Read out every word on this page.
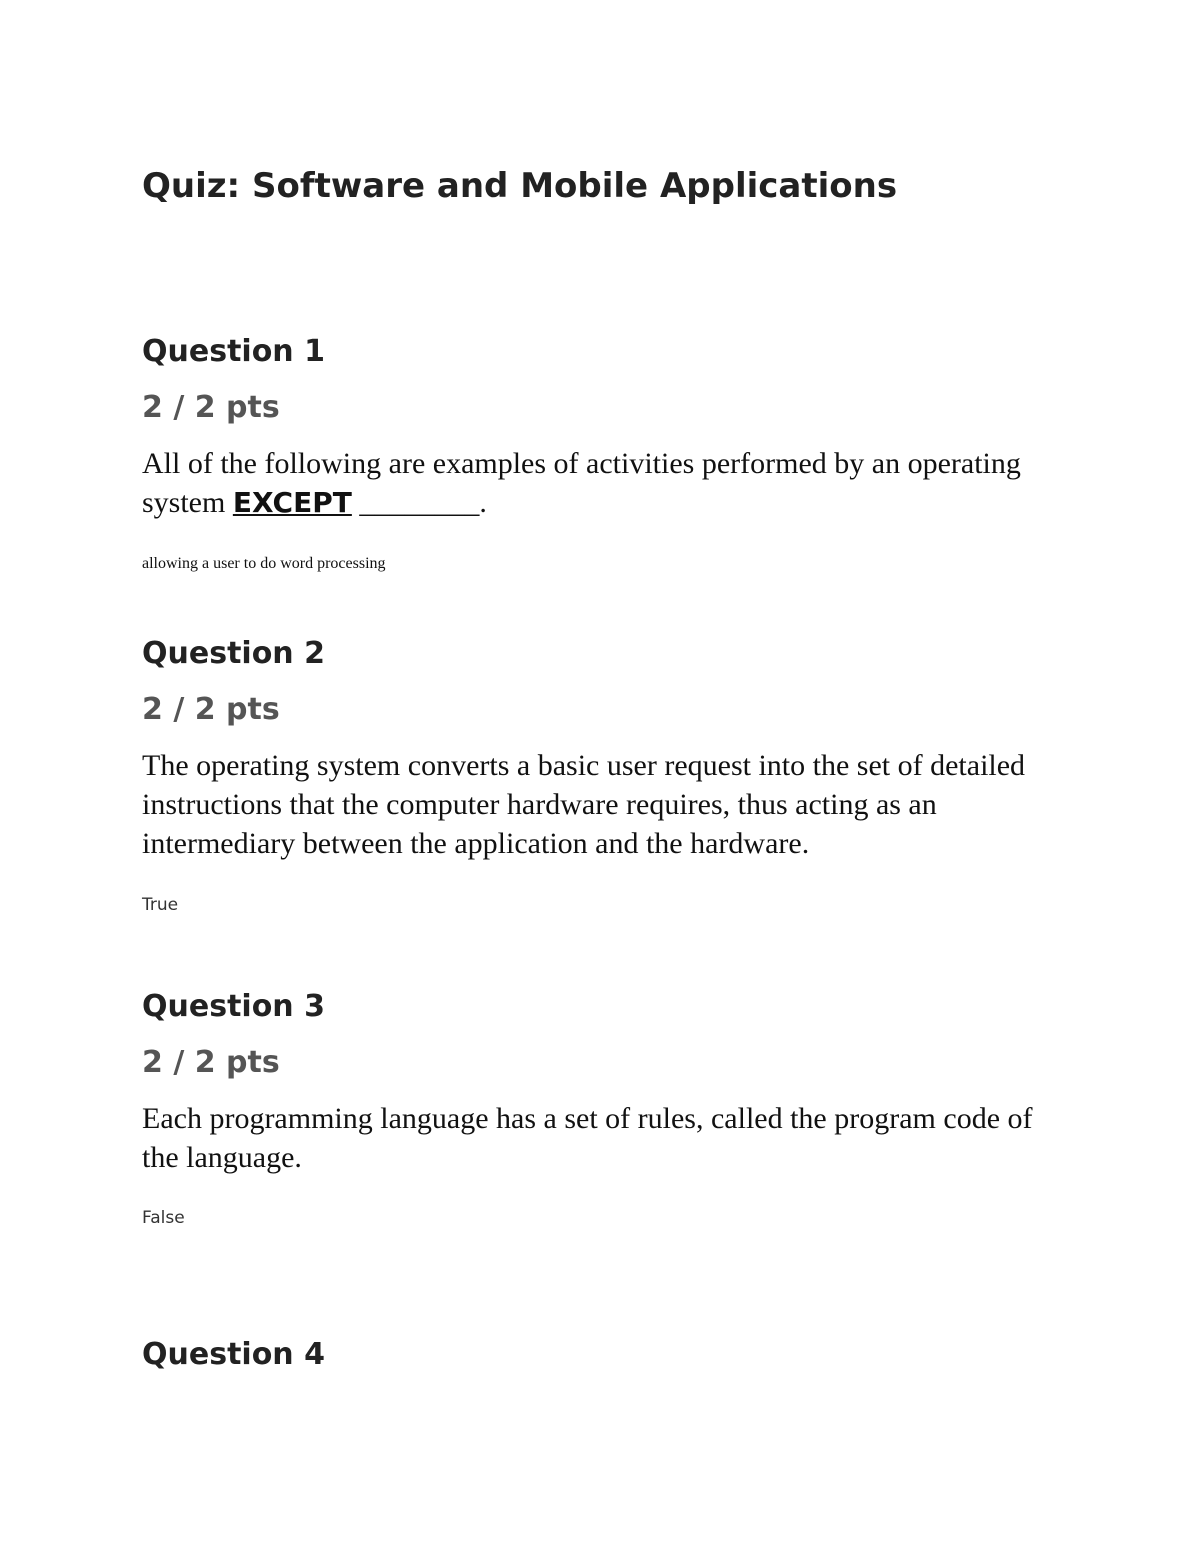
Quiz: Software and Mobile Applications
Question 1
2 / 2 pts

All of the following are examples of activities performed by an operating system EXCEPT ________.

allowing a user to do word processing
Question 2
2 / 2 pts

The operating system converts a basic user request into the set of detailed instructions that the computer hardware requires, thus acting as an intermediary between the application and the hardware.

True
Question 3
2 / 2 pts

Each programming language has a set of rules, called the program code of the language.

False
Question 4
